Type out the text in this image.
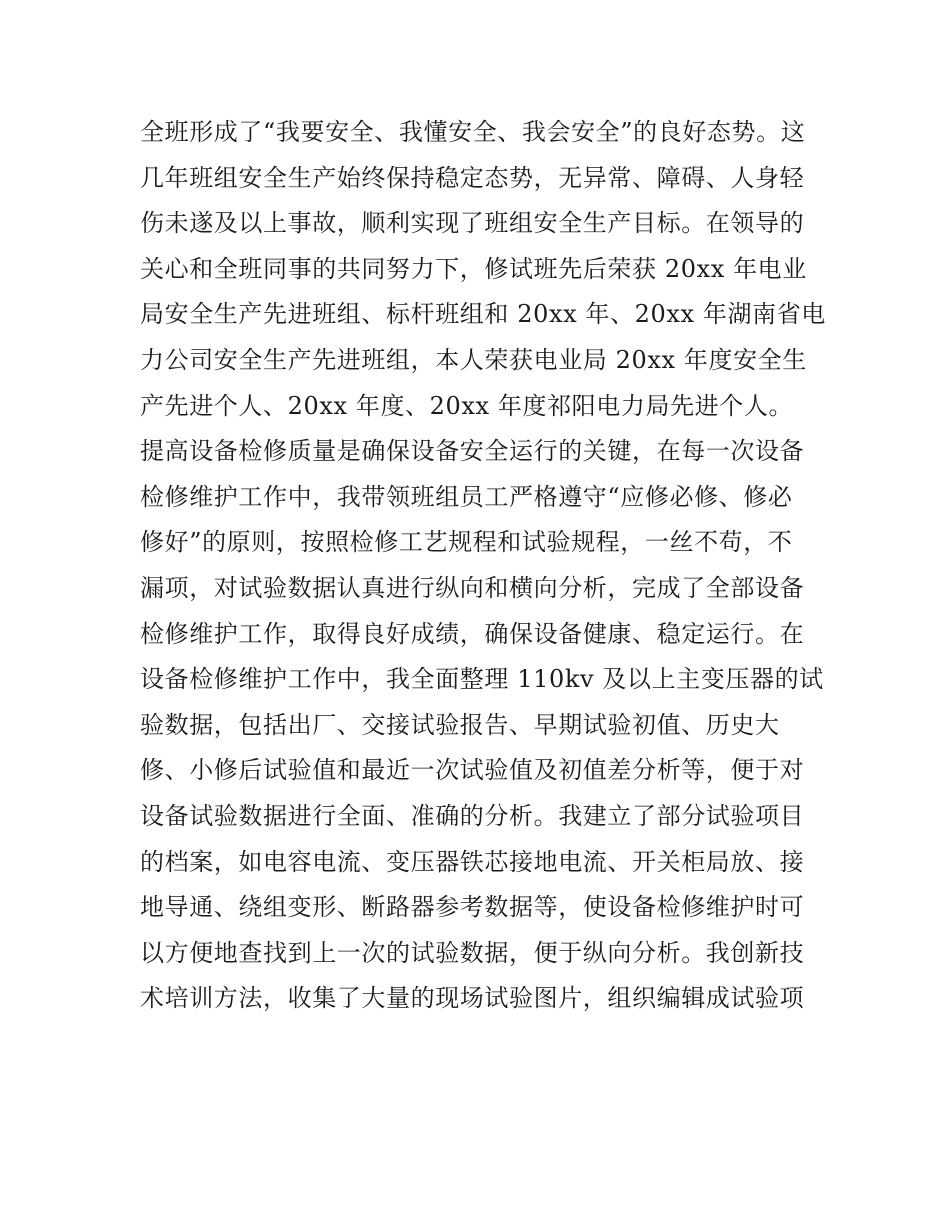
全班形成了“我要安全、我懂安全、我会安全”的良好态势。这
几年班组安全生产始终保持稳定态势，无异常、障碍、人身轻
伤未遂及以上事故，顺利实现了班组安全生产目标。在领导的
关心和全班同事的共同努力下，修试班先后荣获 20xx 年电业
局安全生产先进班组、标杆班组和 20xx 年、20xx 年湖南省电
力公司安全生产先进班组，本人荣获电业局 20xx 年度安全生
产先进个人、20xx 年度、20xx 年度祁阳电力局先进个人。
提高设备检修质量是确保设备安全运行的关键，在每一次设备
检修维护工作中，我带领班组员工严格遵守“应修必修、修必
修好”的原则，按照检修工艺规程和试验规程，一丝不苟，不
漏项，对试验数据认真进行纵向和横向分析，完成了全部设备
检修维护工作，取得良好成绩，确保设备健康、稳定运行。在
设备检修维护工作中，我全面整理 110kv 及以上主变压器的试
验数据，包括出厂、交接试验报告、早期试验初值、历史大
修、小修后试验值和最近一次试验值及初值差分析等，便于对
设备试验数据进行全面、准确的分析。我建立了部分试验项目
的档案，如电容电流、变压器铁芯接地电流、开关柜局放、接
地导通、绕组变形、断路器参考数据等，使设备检修维护时可
以方便地查找到上一次的试验数据，便于纵向分析。我创新技
术培训方法，收集了大量的现场试验图片，组织编辑成试验项
